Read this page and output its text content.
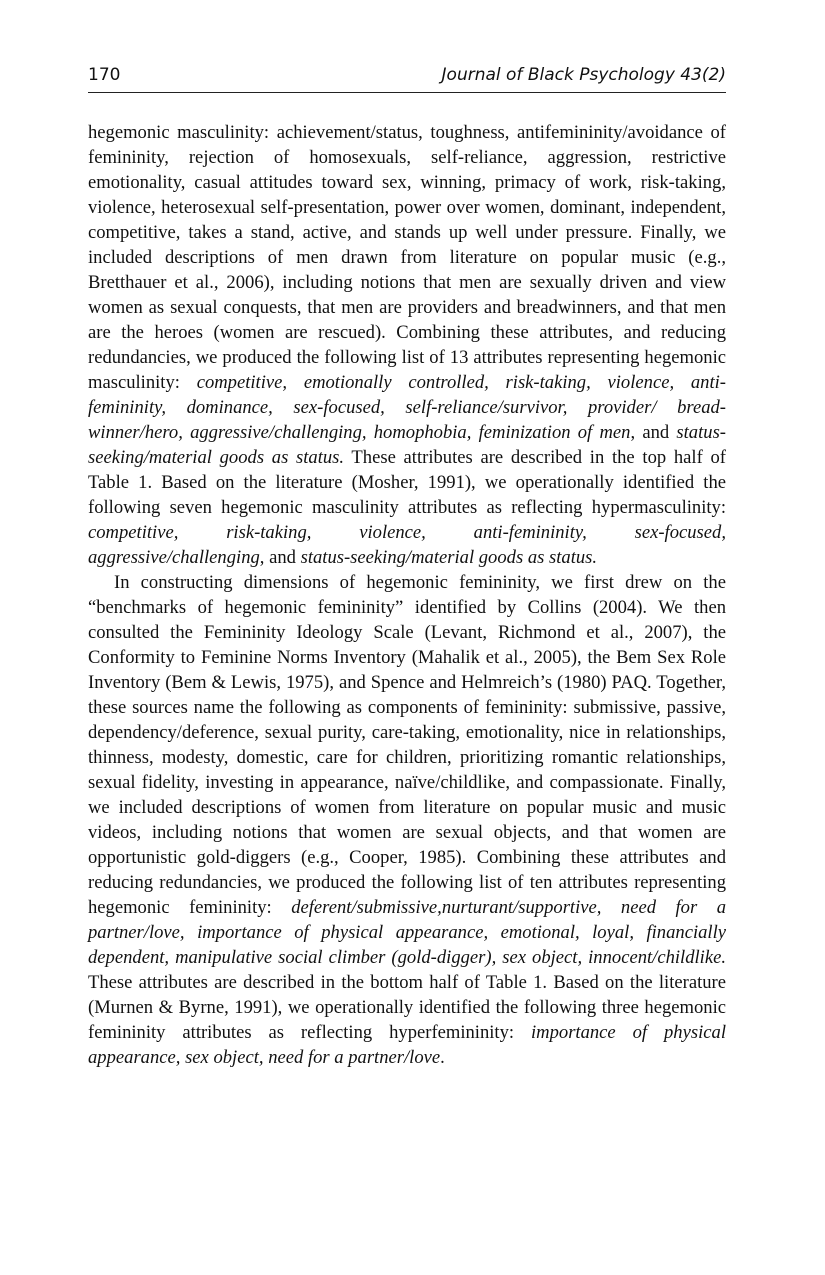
170	Journal of Black Psychology 43(2)

hegemonic masculinity: achievement/status, toughness, antifemininity/avoidance of femininity, rejection of homosexuals, self-reliance, aggression, restrictive emotionality, casual attitudes toward sex, winning, primacy of work, risk-taking, violence, heterosexual self-presentation, power over women, dominant, independent, competitive, takes a stand, active, and stands up well under pressure. Finally, we included descriptions of men drawn from literature on popular music (e.g., Bretthauer et al., 2006), including notions that men are sexually driven and view women as sexual conquests, that men are providers and breadwinners, and that men are the heroes (women are rescued). Combining these attributes, and reducing redundancies, we produced the following list of 13 attributes representing hegemonic masculinity: competitive, emotionally controlled, risk-taking, violence, anti-femininity, dominance, sex-focused, self-reliance/survivor, provider/ bread-winner/hero, aggressive/challenging, homophobia, feminization of men, and status-seeking/material goods as status. These attributes are described in the top half of Table 1. Based on the literature (Mosher, 1991), we operationally identified the following seven hegemonic masculinity attributes as reflecting hypermasculinity: competitive, risk-taking, violence, anti-femininity, sex-focused, aggressive/challenging, and status-seeking/material goods as status.

In constructing dimensions of hegemonic femininity, we first drew on the “benchmarks of hegemonic femininity” identified by Collins (2004). We then consulted the Femininity Ideology Scale (Levant, Richmond et al., 2007), the Conformity to Feminine Norms Inventory (Mahalik et al., 2005), the Bem Sex Role Inventory (Bem & Lewis, 1975), and Spence and Helmreich’s (1980) PAQ. Together, these sources name the following as components of femininity: submissive, passive, dependency/deference, sexual purity, care-taking, emotionality, nice in relationships, thinness, modesty, domestic, care for children, prioritizing romantic relationships, sexual fidelity, investing in appearance, naïve/childlike, and compassionate. Finally, we included descriptions of women from literature on popular music and music videos, including notions that women are sexual objects, and that women are opportunistic gold-diggers (e.g., Cooper, 1985). Combining these attributes and reducing redundancies, we produced the following list of ten attributes representing hegemonic femininity: deferent/submissive,nurturant/supportive, need for a partner/love, importance of physical appearance, emotional, loyal, financially dependent, manipulative social climber (gold-digger), sex object, innocent/childlike. These attributes are described in the bottom half of Table 1. Based on the literature (Murnen & Byrne, 1991), we operationally identified the following three hegemonic femininity attributes as reflecting hyperfemininity: importance of physical appearance, sex object, need for a partner/love.
